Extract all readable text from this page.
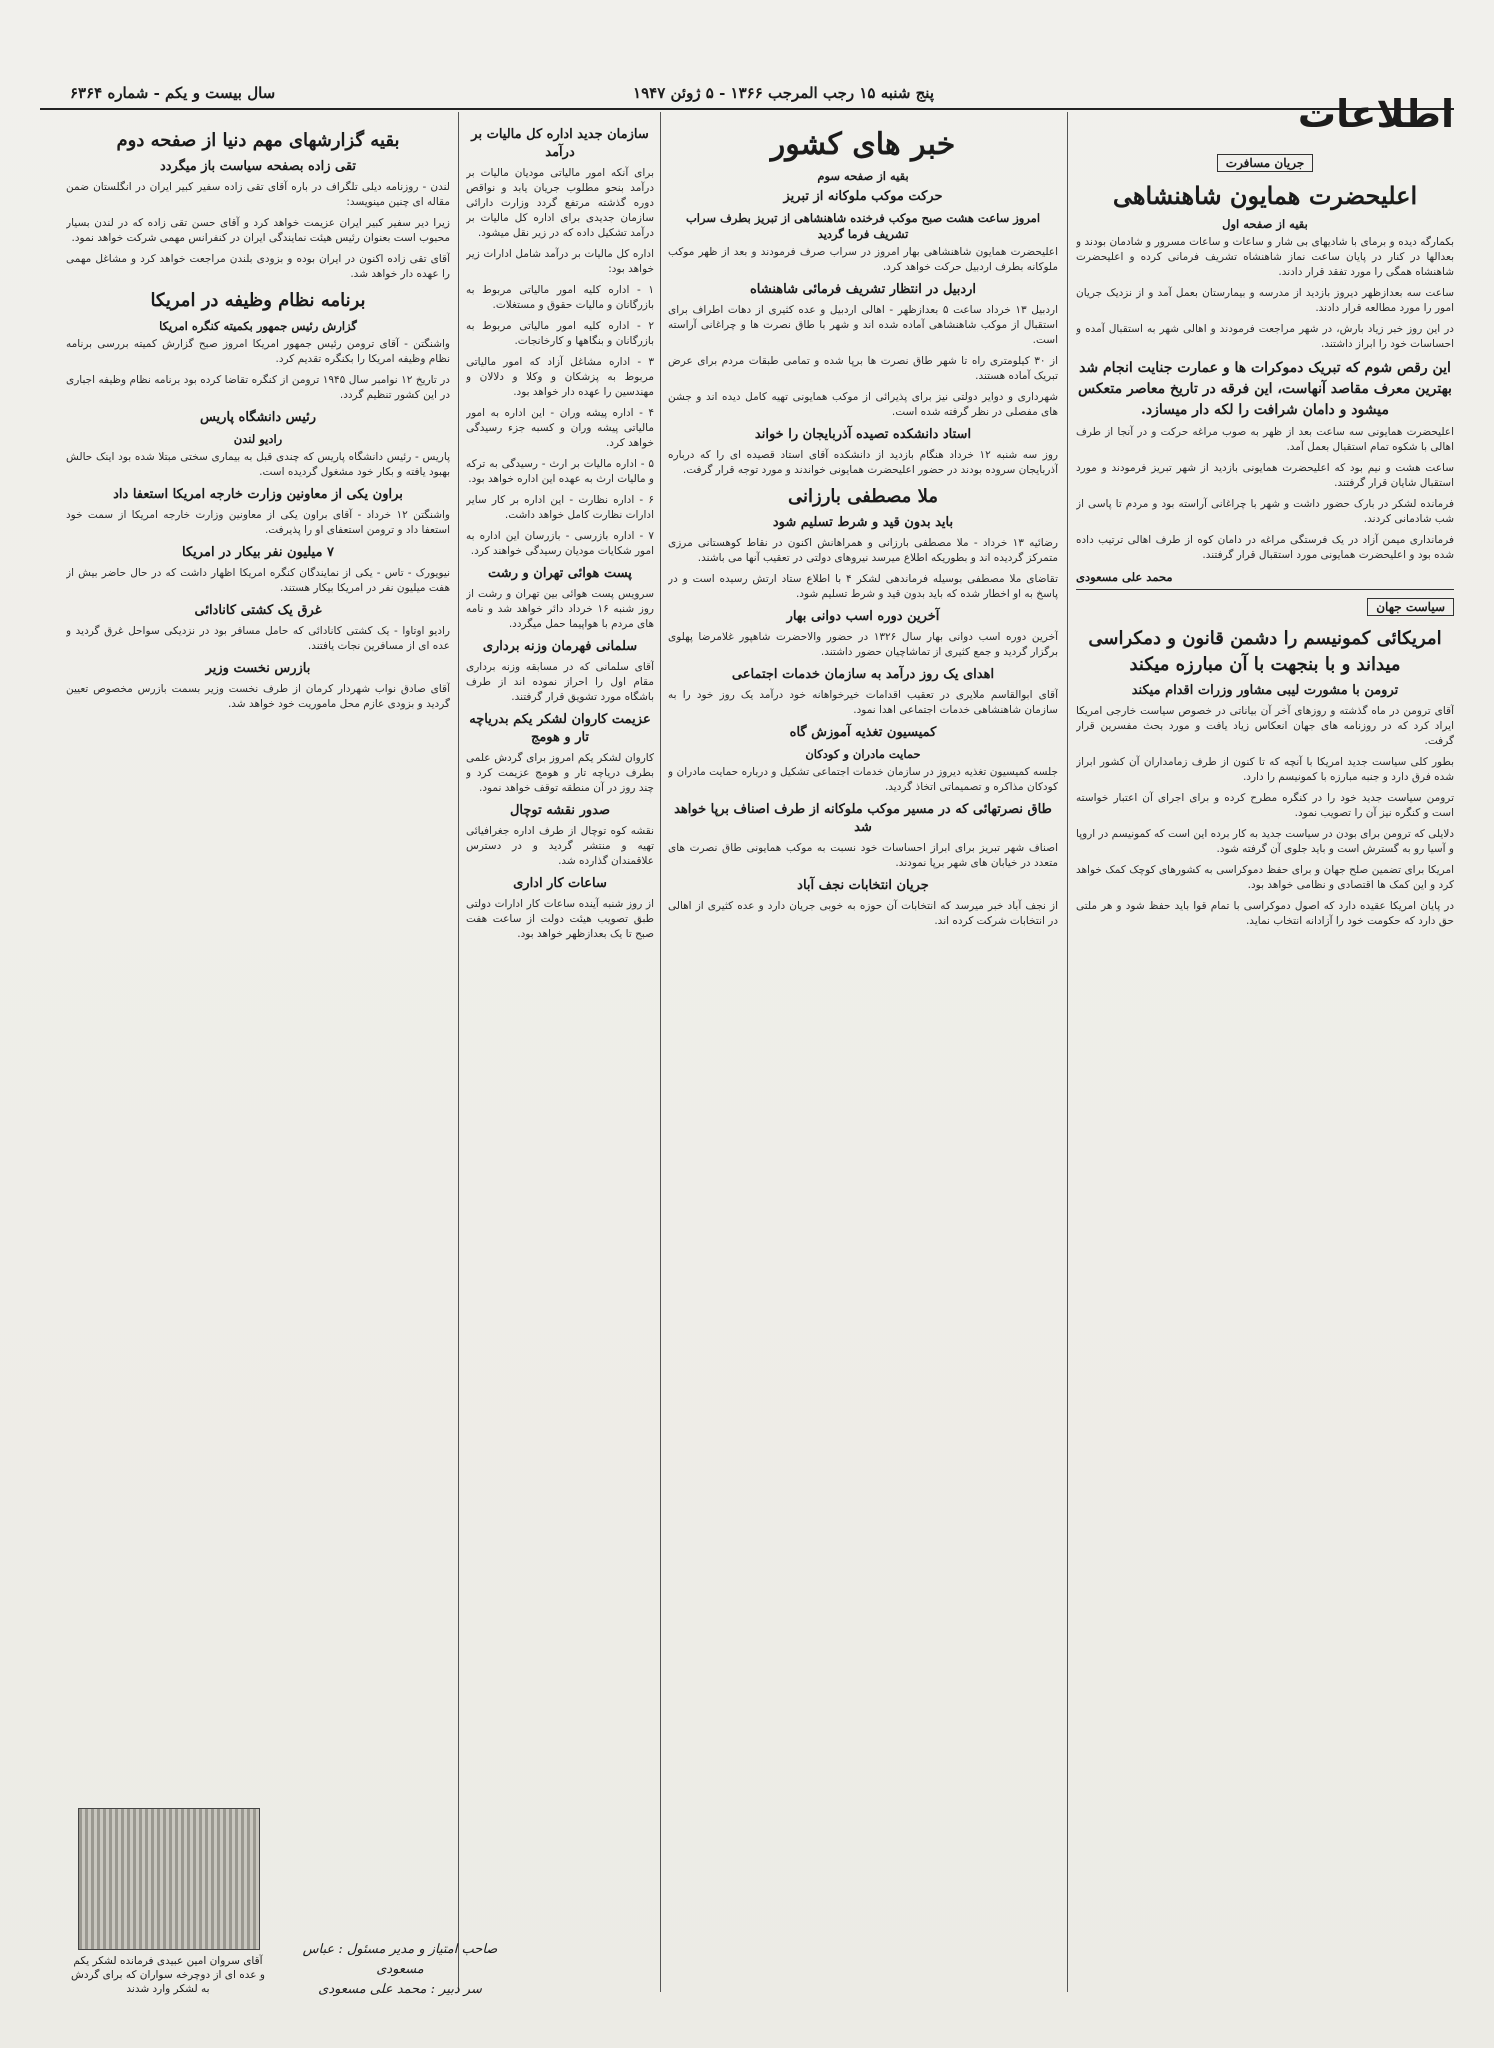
پنج شنبه ۱۵ رجب المرجب ۱۳۶۶ - ۵ ژوئن ۱۹۴۷
سال بیست و یکم - شماره ۶۳۶۴	اطلاعات
جریان مسافرت
اعلیحضرت همایون شاهنشاهی
بقیه از صفحه اول

بکمارگه دیده و برمای با شادیهای بی شار و ساعات و ساعات مسرور و شادمان بودند و بعدالها در کنار در پایان ساعت نماز شاهنشاه تشریف فرمانی کرده و اعلیحضرت شاهنشاه همگی را مورد تفقد قرار دادند.

ساعت سه بعدازظهر دیروز بازدید از مدرسه و بیمارستان بعمل آمد و از نزدیک جریان امور را مورد مطالعه قرار دادند.

در این روز خبر زیاد بارش، در شهر مراجعت فرمودند و اهالی شهر به استقبال آمده و احساسات خود را ابراز داشتند.

این رقص شوم که تبریک دموکرات ها و عمارت جنایت انجام شد بهترین معرف مقاصد آنهاست، این فرقه در تاریخ معاصر متعکس میشود و دامان شرافت را لکه دار میسازد.

اعلیحضرت همایونی سه ساعت بعد از ظهر به صوب مراغه حرکت و در آنجا از طرف اهالی با شکوه تمام استقبال بعمل آمد.

ساعت هشت و نیم بود که اعلیحضرت همایونی بازدید از شهر تبریز فرمودند و مورد استقبال شایان قرار گرفتند.

فرمانده لشکر در بارک حضور داشت و شهر با چراغانی آراسته بود و مردم تا پاسی از شب شادمانی کردند.

فرمانداری میمن آزاد در یک فرستگی مراغه در دامان کوه از طرف اهالی ترتیب داده شده بود و اعلیحضرت همایونی مورد استقبال قرار گرفتند.

محمد علی مسعودی
سیاست جهان
امریکائی کمونیسم را دشمن قانون و دمکراسی میداند و با بنجهت با آن مبارزه میکند
ترومن با مشورت لیبی مشاور وزرات اقدام میکند

آقای ترومن در ماه گذشته و روزهای آخر آن بیاناتی در خصوص سیاست خارجی امریکا ایراد کرد که در روزنامه های جهان انعکاس زیاد یافت و مورد بحث مفسرین قرار گرفت.

بطور کلی سیاست جدید امریکا با آنچه که تا کنون از طرف زمامداران آن کشور ابراز شده فرق دارد و جنبه مبارزه با کمونیسم را دارد.

ترومن سیاست جدید خود را در کنگره مطرح کرده و برای اجرای آن اعتبار خواسته است و کنگره نیز آن را تصویب نمود.

دلایلی که ترومن برای بودن در سیاست جدید به کار برده این است که کمونیسم در اروپا و آسیا رو به گسترش است و باید جلوی آن گرفته شود.

امریکا برای تضمین صلح جهان و برای حفظ دموکراسی به کشورهای کوچک کمک خواهد کرد و این کمک ها اقتصادی و نظامی خواهد بود.

در پایان امریکا عقیده دارد که اصول دموکراسی با تمام قوا باید حفظ شود و هر ملتی حق دارد که حکومت خود را آزادانه انتخاب نماید.

خبر های کشور
بقیه از صفحه سوم
حرکت موکب ملوکانه از تبریز
امروز ساعت هشت صبح موکب فرخنده شاهنشاهی از تبریز بطرف سراب تشریف فرما گردید

اعلیحضرت همایون شاهنشاهی بهار امروز در سراب صرف فرمودند و بعد از ظهر موکب ملوکانه بطرف اردبیل حرکت خواهد کرد.

اردبیل در انتظار تشریف فرمائی شاهنشاه

اردبیل ۱۳ خرداد ساعت ۵ بعدازظهر - اهالی اردبیل و عده کثیری از دهات اطراف برای استقبال از موکب شاهنشاهی آماده شده اند و شهر با طاق نصرت ها و چراغانی آراسته است.

از ۳۰ کیلومتری راه تا شهر طاق نصرت ها برپا شده و تمامی طبقات مردم برای عرض تبریک آماده هستند.

شهرداری و دوایر دولتی نیز برای پذیرائی از موکب همایونی تهیه کامل دیده اند و جشن های مفصلی در نظر گرفته شده است.

استاد دانشکده تصیده آذربایجان را خواند

روز سه شنبه ۱۲ خرداد هنگام بازدید از دانشکده آقای استاد قصیده ای را که درباره آذربایجان سروده بودند در حضور اعلیحضرت همایونی خواندند و مورد توجه قرار گرفت.

ملا مصطفی بارزانی
باید بدون قید و شرط تسلیم شود

رضائیه ۱۳ خرداد - ملا مصطفی بارزانی و همراهانش اکنون در نقاط کوهستانی مرزی متمرکز گردیده اند و بطوریکه اطلاع میرسد نیروهای دولتی در تعقیب آنها می باشند.

تقاضای ملا مصطفی بوسیله فرماندهی لشکر ۴ با اطلاع ستاد ارتش رسیده است و در پاسخ به او اخطار شده که باید بدون قید و شرط تسلیم شود.

آخرین دوره اسب دوانی بهار

آخرین دوره اسب دوانی بهار سال ۱۳۲۶ در حضور والاحضرت شاهپور غلامرضا پهلوی برگزار گردید و جمع کثیری از تماشاچیان حضور داشتند.

اهدای یک روز درآمد به سازمان خدمات اجتماعی

آقای ابوالقاسم ملایری در تعقیب اقدامات خیرخواهانه خود درآمد یک روز خود را به سازمان شاهنشاهی خدمات اجتماعی اهدا نمود.

کمیسیون تغذیه آموزش گاه
حمایت مادران و کودکان

جلسه کمیسیون تغذیه دیروز در سازمان خدمات اجتماعی تشکیل و درباره حمایت مادران و کودکان مذاکره و تصمیماتی اتخاذ گردید.

طاق نصرتهائی که در مسیر موکب ملوکانه از طرف اصناف برپا خواهد شد

اصناف شهر تبریز برای ابراز احساسات خود نسبت به موکب همایونی طاق نصرت های متعدد در خیابان های شهر برپا نمودند.

جریان انتخابات نجف آباد

از نجف آباد خبر میرسد که انتخابات آن حوزه به خوبی جریان دارد و عده کثیری از اهالی در انتخابات شرکت کرده اند.

سازمان جدید اداره کل مالیات بر درآمد

برای آنکه امور مالیاتی مودیان مالیات بر درآمد بنحو مطلوب جریان یابد و نواقص دوره گذشته مرتفع گردد وزارت دارائی سازمان جدیدی برای اداره کل مالیات بر درآمد تشکیل داده که در زیر نقل میشود.

اداره کل مالیات بر درآمد شامل ادارات زیر خواهد بود:

۱ - اداره کلیه امور مالیاتی مربوط به بازرگانان و مالیات حقوق و مستغلات.

۲ - اداره کلیه امور مالیاتی مربوط به بازرگانان و بنگاهها و کارخانجات.

۳ - اداره مشاغل آزاد که امور مالیاتی مربوط به پزشکان و وکلا و دلالان و مهندسین را عهده دار خواهد بود.

۴ - اداره پیشه وران - این اداره به امور مالیاتی پیشه وران و کسبه جزء رسیدگی خواهد کرد.

۵ - اداره مالیات بر ارث - رسیدگی به ترکه و مالیات ارث به عهده این اداره خواهد بود.

۶ - اداره نظارت - این اداره بر کار سایر ادارات نظارت کامل خواهد داشت.

۷ - اداره بازرسی - بازرسان این اداره به امور شکایات مودیان رسیدگی خواهند کرد.

پست هوائی تهران و رشت

سرویس پست هوائی بین تهران و رشت از روز شنبه ۱۶ خرداد دائر خواهد شد و نامه های مردم با هواپیما حمل میگردد.

سلمانی فهرمان وزنه برداری

آقای سلمانی که در مسابقه وزنه برداری مقام اول را احراز نموده اند از طرف باشگاه مورد تشویق قرار گرفتند.

عزیمت کاروان لشکر یکم بدریاچه تار و هومج

کاروان لشکر یکم امروز برای گردش علمی بطرف دریاچه تار و هومج عزیمت کرد و چند روز در آن منطقه توقف خواهد نمود.

صدور نقشه توچال

نقشه کوه توچال از طرف اداره جغرافیائی تهیه و منتشر گردید و در دسترس علاقمندان گذارده شد.

ساعات کار اداری

از روز شنبه آینده ساعات کار ادارات دولتی طبق تصویب هیئت دولت از ساعت هفت صبح تا یک بعدازظهر خواهد بود.

بقیه گزارشهای مهم دنیا از صفحه دوم
تقی زاده بصفحه سیاست باز میگردد

لندن - روزنامه دیلی تلگراف در باره آقای تقی زاده سفیر کبیر ایران در انگلستان ضمن مقاله ای چنین مینویسد:

زیرا دیر سفیر کبیر ایران عزیمت خواهد کرد و آقای حسن تقی زاده که در لندن بسیار محبوب است بعنوان رئیس هیئت نمایندگی ایران در کنفرانس مهمی شرکت خواهد نمود.

آقای تقی زاده اکنون در ایران بوده و بزودی بلندن مراجعت خواهد کرد و مشاغل مهمی را عهده دار خواهد شد.

برنامه نظام وظیفه در امریکا
گزارش رئیس جمهور بکمیته کنگره امریکا

واشنگتن - آقای ترومن رئیس جمهور امریکا امروز صبح گزارش کمیته بررسی برنامه نظام وظیفه امریکا را بکنگره تقدیم کرد.

در تاریخ ۱۲ نوامبر سال ۱۹۴۵ ترومن از کنگره تقاضا کرده بود برنامه نظام وظیفه اجباری در این کشور تنظیم گردد.

رئیس دانشگاه پاریس
رادیو لندن

پاریس - رئیس دانشگاه پاریس که چندی قبل به بیماری سختی مبتلا شده بود اینک حالش بهبود یافته و بکار خود مشغول گردیده است.

براون یکی از معاونین وزارت خارجه امریکا استعفا داد

واشنگتن ۱۲ خرداد - آقای براون یکی از معاونین وزارت خارجه امریکا از سمت خود استعفا داد و ترومن استعفای او را پذیرفت.

۷ میلیون نفر بیکار در امریکا

نیویورک - تاس - یکی از نمایندگان کنگره امریکا اظهار داشت که در حال حاضر بیش از هفت میلیون نفر در امریکا بیکار هستند.

غرق یک کشتی کانادائی

رادیو اوتاوا - یک کشتی کانادائی که حامل مسافر بود در نزدیکی سواحل غرق گردید و عده ای از مسافرین نجات یافتند.

بازرس نخست وزیر

آقای صادق نواب شهردار کرمان از طرف نخست وزیر بسمت بازرس مخصوص تعیین گردید و بزودی عازم محل ماموریت خود خواهد شد.

آقای سروان امین عبیدی فرمانده لشکر یکم و عده ای از دوچرخه سواران که برای گردش به لشکر وارد شدند
صاحب امتیاز و مدیر مسئول : عباس مسعودی
سر دبیر : محمد علی مسعودی
